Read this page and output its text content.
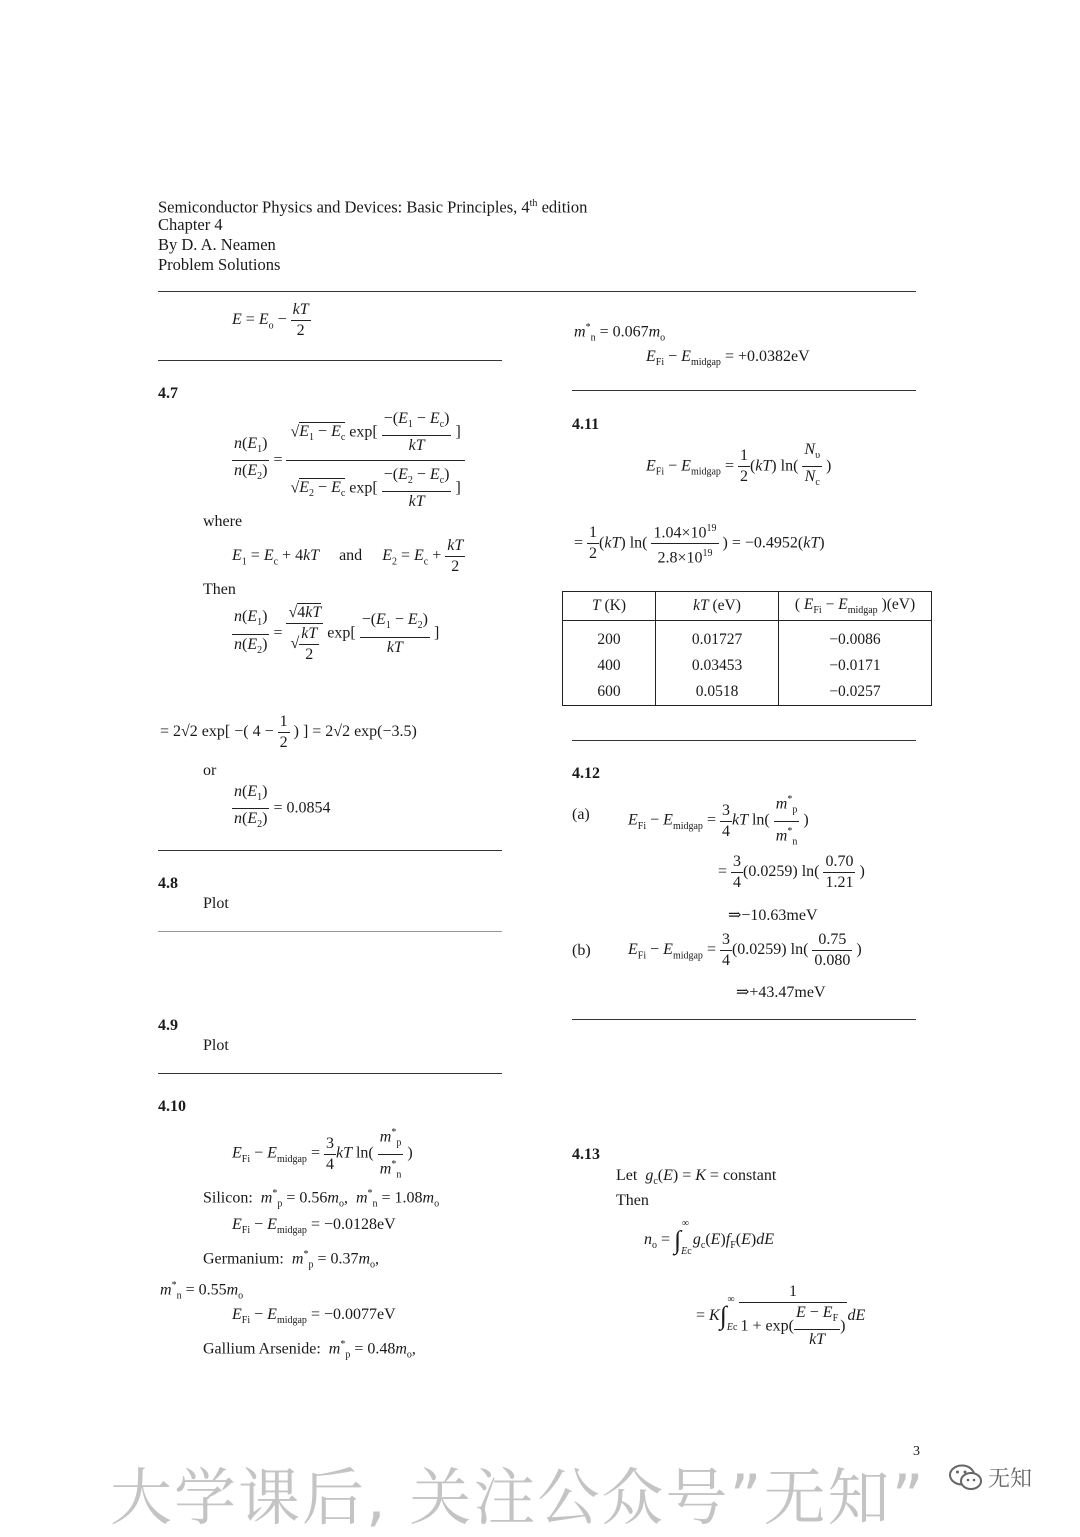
Semiconductor Physics and Devices: Basic Principles, 4th edition
Chapter 4
By D. A. Neamen
Problem Solutions
$E = E_o - \frac{kT}{2}$
4.7
$\frac{n(E_1)}{n(E_2)} = \frac{√E_1 - E_c \exp[ \frac{-(E_1 - E_c)}{kT} ]}{√E_2 - E_c \exp[ \frac{-(E_2 - E_c)}{kT} ]}$
where
$E_1 = E_c + 4kT$ and $E_2 = E_c + \frac{kT}{2}$
Then
$\frac{n(E_1)}{n(E_2)} = \frac{√4kT}{√ \frac{kT}{2}} \exp[ \frac{-(E_1 - E_2)}{kT}$ ]
= 2√2 exp[ −( $4 - \frac{1}{2}$ ) ] = 2√2 exp(−3.5)
or
$\frac{n(E_1)}{n(E_2)} = 0.0854$
4.8
Plot
4.9
Plot
4.10
$E_{Fi} - E_{midgap} = \frac{3}{4}$ kT $\ln( \frac{m^*_p}{m^*_n}$ )
Silicon: $m^*_p = 0.56m_o$,  $m^*_n = 1.08m_o$
$E_{Fi} - E_{midgap} = -0.0128eV$
Germanium: $m^*_p = 0.37m_o$,
$m^*_n = 0.55m_o$
$E_{Fi} - E_{midgap} = -0.0077eV$
Gallium Arsenide: $m^*_p = 0.48m_o$,
$m^*_n = 0.067m_o$
$E_{Fi} - E_{midgap} = +0.0382eV$
4.11
$E_{Fi} - E_{midgap} = \frac{1}{2} (kT)$ $\ln( \frac{N_\upsilon}{N_c}$ )
= $\frac{1}{2} (kT)$ $\ln( \frac{1.04\times 10^{19}}{2.8\times 10^{19}}$ ) = −0.4952(kT)
T (K)	kT (eV)	( $E_{Fi} - E_{midgap}$ )(eV)
200	0.01727	−0.0086
400	0.03453	−0.0171
600	0.0518	−0.0257
4.12
(a) $E_{Fi} - E_{midgap} = \frac{3}{4}$ kT $\ln( \frac{m^*_p}{m^*_n}$ )
= $\frac{3}{4} (0.0259)$ $\ln( \frac{0.70}{1.21}$ )
⇒−10.63meV
(b) $E_{Fi} - E_{midgap} = \frac{3}{4} (0.0259)$ $\ln( \frac{0.75}{0.080}$ )
⇒+43.47meV
4.13
Let $g_c(E) = K$ = constant
Then
$n_o = \int_{Ec}^\infty$ $g_c(E)f_F(E)dE$
= $K\int_{Ec}^\infty \frac{1}{1 + \exp( \frac{E - E_F}{kT} )}$ dE
3
大学课后, 关注公众号”无知”	无知
